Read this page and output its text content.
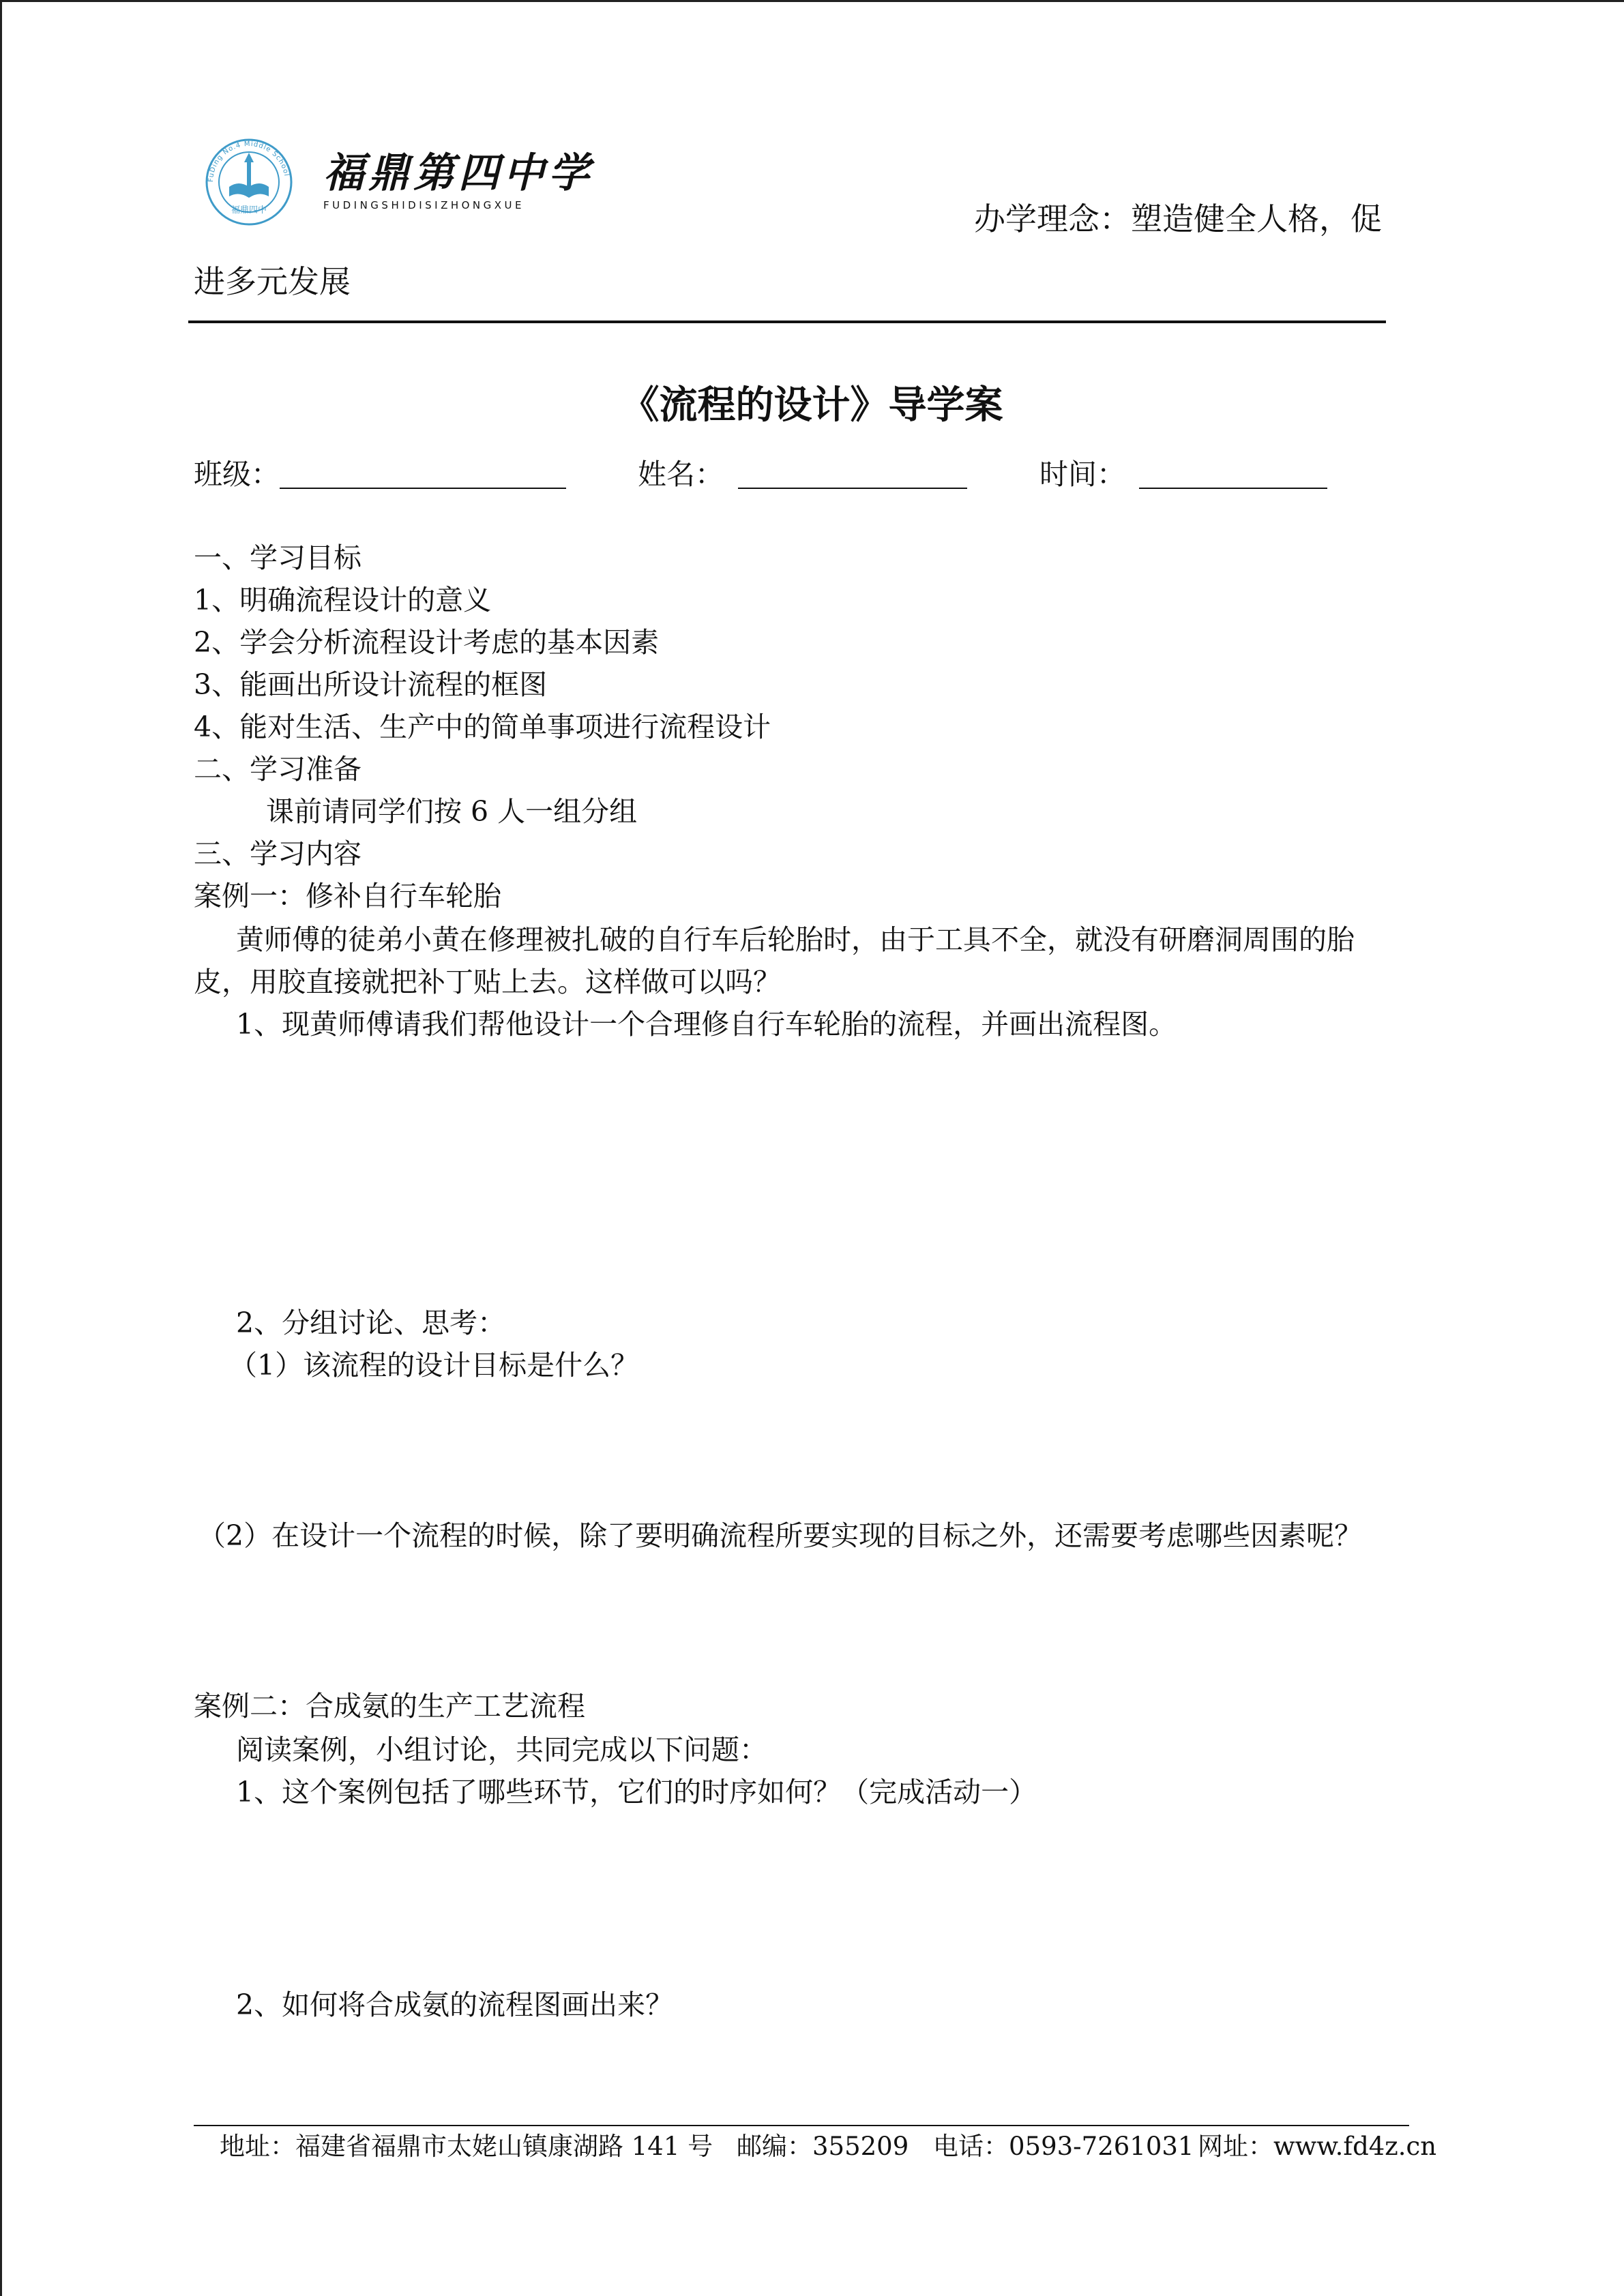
FuDing No.4 Middle School
福鼎四中
福鼎第四中学
FUDINGSHIDISIZHONGXUE	办学理念：塑造健全人格，促
进多元发展
《流程的设计》导学案
班级：	姓名：	时间：
一、学习目标
1、明确流程设计的意义
2、学会分析流程设计考虑的基本因素
3、能画出所设计流程的框图
4、能对生活、生产中的简单事项进行流程设计
二、学习准备
课前请同学们按 6 人一组分组
三、学习内容
案例一：修补自行车轮胎
黄师傅的徒弟小黄在修理被扎破的自行车后轮胎时，由于工具不全，就没有研磨洞周围的胎
皮，用胶直接就把补丁贴上去。这样做可以吗？
1、现黄师傅请我们帮他设计一个合理修自行车轮胎的流程，并画出流程图。
2、分组讨论、思考：
（1）该流程的设计目标是什么？
（2）在设计一个流程的时候，除了要明确流程所要实现的目标之外，还需要考虑哪些因素呢？
案例二：合成氨的生产工艺流程
阅读案例，小组讨论，共同完成以下问题：
1、这个案例包括了哪些环节，它们的时序如何？（完成活动一）
2、如何将合成氨的流程图画出来？
地址：福建省福鼎市太姥山镇康湖路 141 号 邮编：355209 电话：0593-7261031 网址：www.fd4z.cn
